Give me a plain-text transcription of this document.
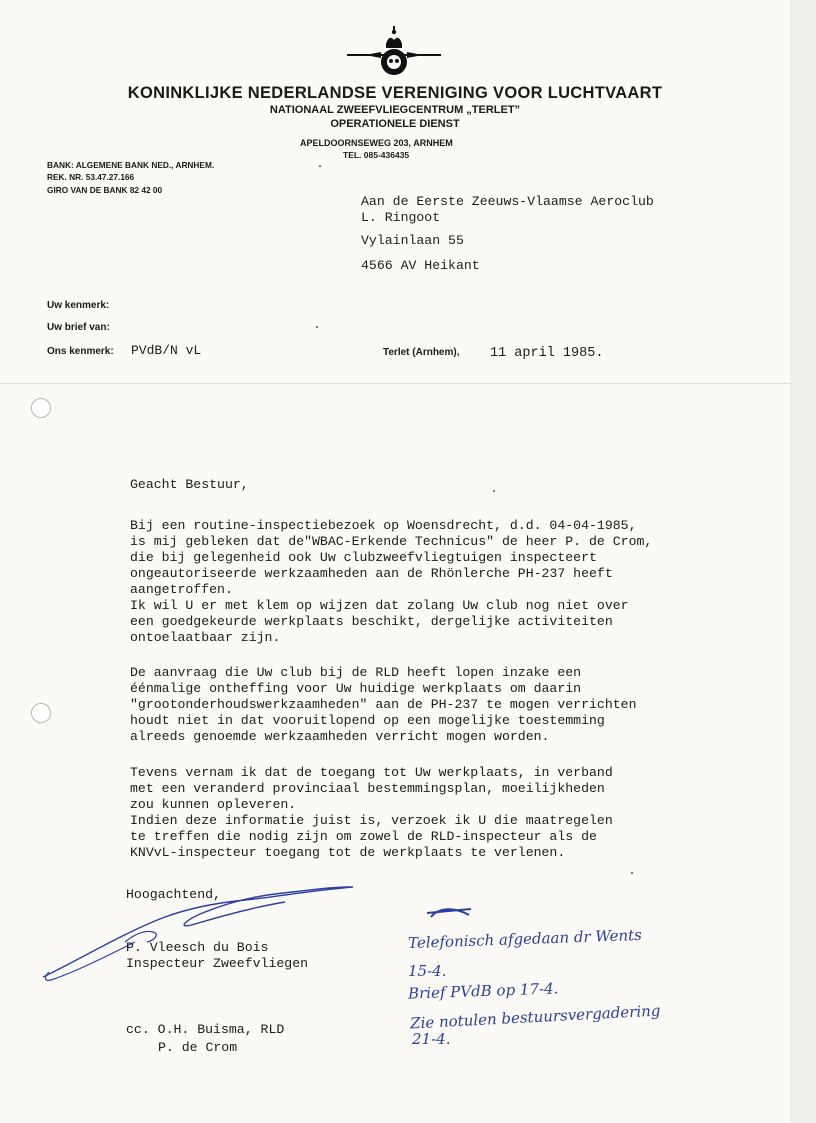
KONINKLIJKE NEDERLANDSE VERENIGING VOOR LUCHTVAART
NATIONAAL ZWEEFVLIEGCENTRUM „TERLET”
OPERATIONELE DIENST
APELDOORNSEWEG 203, ARNHEM
TEL. 085-436435
BANK: ALGEMENE BANK NED., ARNHEM.
REK. NR. 53.47.27.166
GIRO VAN DE BANK 82 42 00
Aan de Eerste Zeeuws-Vlaamse Aeroclub
L. Ringoot
Vylainlaan 55
4566 AV Heikant
Uw kenmerk:
Uw brief van:
Ons kenmerk: PVdB/N vL	Terlet (Arnhem), 11 april 1985.
Geacht Bestuur,
Bij een routine-inspectiebezoek op Woensdrecht, d.d. 04-04-1985,
is mij gebleken dat de"WBAC-Erkende Technicus" de heer P. de Crom,
die bij gelegenheid ook Uw clubzweefvliegtuigen inspecteert
ongeautoriseerde werkzaamheden aan de Rhönlerche PH-237 heeft
aangetroffen.
Ik wil U er met klem op wijzen dat zolang Uw club nog niet over
een goedgekeurde werkplaats beschikt, dergelijke activiteiten
ontoelaatbaar zijn.
De aanvraag die Uw club bij de RLD heeft lopen inzake een
éénmalige ontheffing voor Uw huidige werkplaats om daarin
"grootonderhoudswerkzaamheden" aan de PH-237 te mogen verrichten
houdt niet in dat vooruitlopend op een mogelijke toestemming
alreeds genoemde werkzaamheden verricht mogen worden.
Tevens vernam ik dat de toegang tot Uw werkplaats, in verband
met een veranderd provinciaal bestemmingsplan, moeilijkheden
zou kunnen opleveren.
Indien deze informatie juist is, verzoek ik U die maatregelen
te treffen die nodig zijn om zowel de RLD-inspecteur als de
KNVvL-inspecteur toegang tot de werkplaats te verlenen.
Hoogachtend,
P. Vleesch du Bois
Inspecteur Zweefvliegen
cc. O.H. Buisma, RLD
P. de Crom
Telefonisch afgedaan dr Wents
15-4.
Brief PVdB op 17-4.
Zie notulen bestuursvergadering
21-4.
